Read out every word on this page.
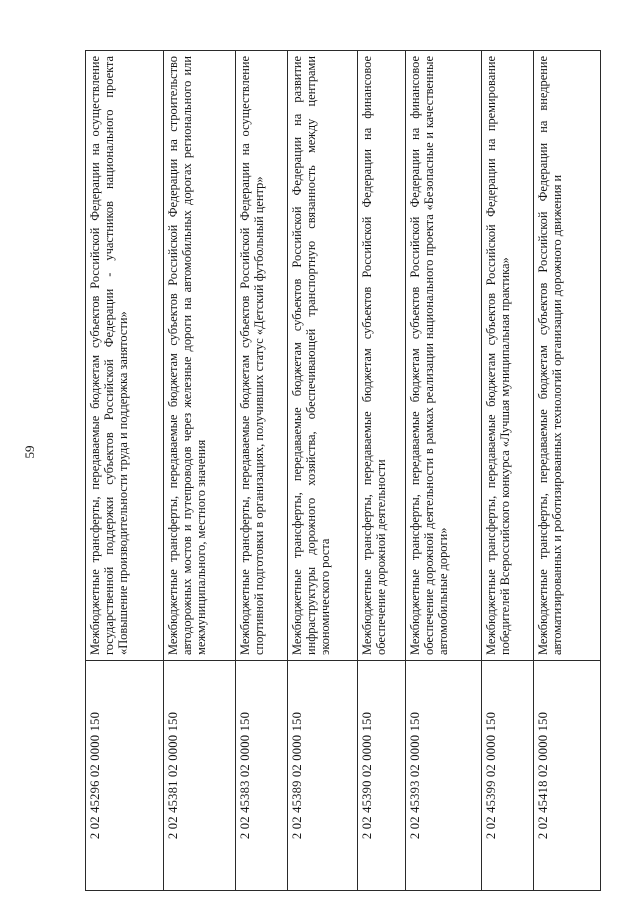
59
2 02 45296 02 0000 150	Межбюджетные трансферты, передаваемые бюджетам субъектов Российской Федерации на осуществление государственной поддержки субъектов Российской Федерации - участников национального проекта «Повышение производительности труда и поддержка занятости»
2 02 45381 02 0000 150	Межбюджетные трансферты, передаваемые бюджетам субъектов Российской Федерации на строительство автодорожных мостов и путепроводов через железные дороги на автомобильных дорогах регионального или межмуниципального, местного значения
2 02 45383 02 0000 150	Межбюджетные трансферты, передаваемые бюджетам субъектов Российской Федерации на осуществление спортивной подготовки в организациях, получивших статус «Детский футбольный центр»
2 02 45389 02 0000 150	Межбюджетные трансферты, передаваемые бюджетам субъектов Российской Федерации на развитие инфраструктуры дорожного хозяйства, обеспечивающей транспортную связанность между центрами экономического роста
2 02 45390 02 0000 150	Межбюджетные трансферты, передаваемые бюджетам субъектов Российской Федерации на финансовое обеспечение дорожной деятельности
2 02 45393 02 0000 150	Межбюджетные трансферты, передаваемые бюджетам субъектов Российской Федерации на финансовое обеспечение дорожной деятельности в рамках реализации национального проекта «Безопасные и качественные автомобильные дороги»
2 02 45399 02 0000 150	Межбюджетные трансферты, передаваемые бюджетам субъектов Российской Федерации на премирование победителей Всероссийского конкурса «Лучшая муниципальная практика»
2 02 45418 02 0000 150	Межбюджетные трансферты, передаваемые бюджетам субъектов Российской Федерации на внедрение автоматизированных и роботизированных технологий организации дорожного движения и
